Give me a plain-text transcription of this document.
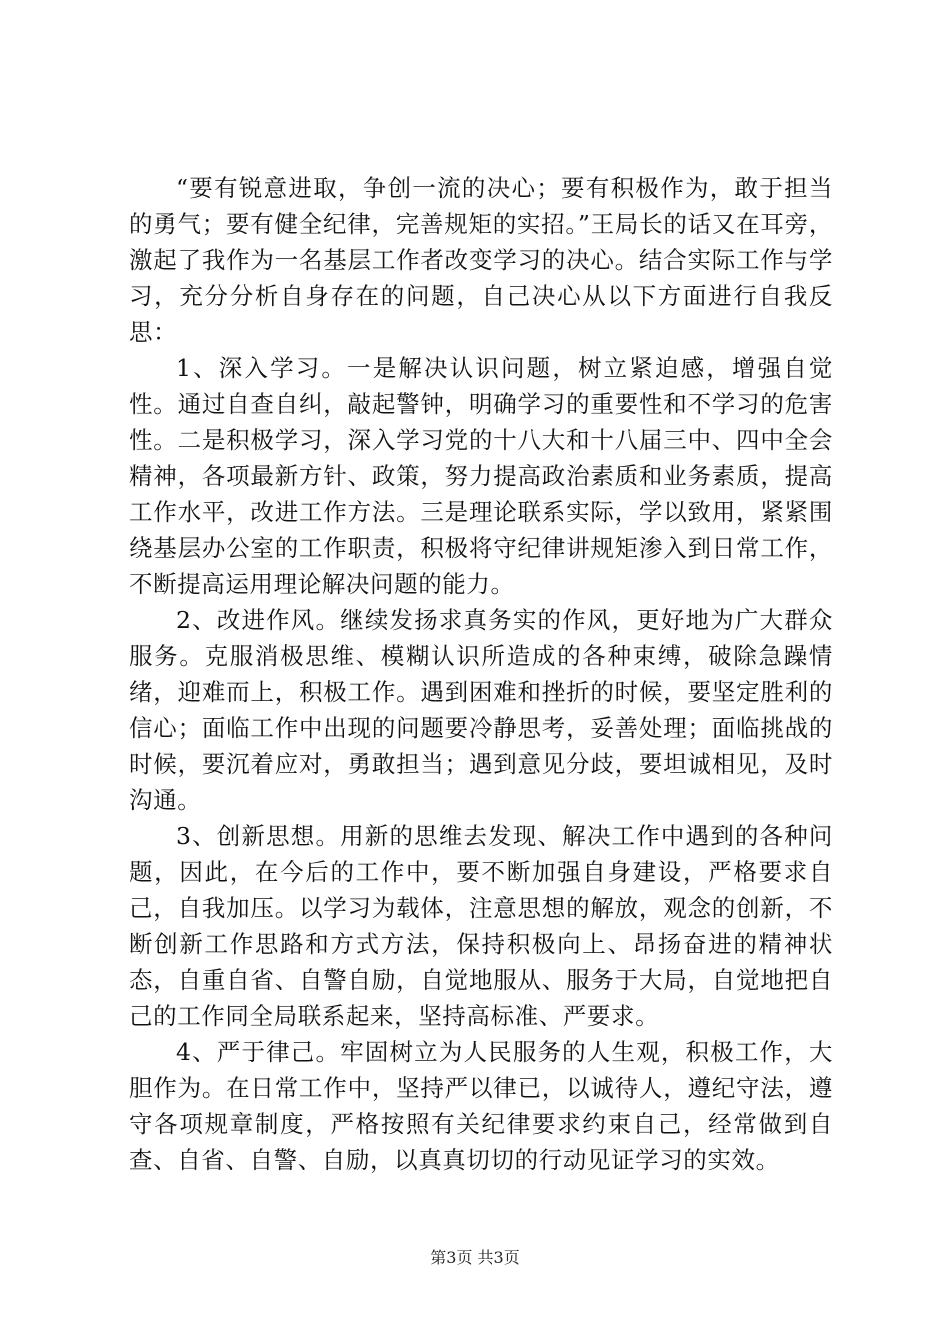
“要有锐意进取，争创一流的决心；要有积极作为，敢于担当的勇气；要有健全纪律，完善规矩的实招。”王局长的话又在耳旁，激起了我作为一名基层工作者改变学习的决心。结合实际工作与学习，充分分析自身存在的问题，自己决心从以下方面进行自我反思：

1、深入学习。一是解决认识问题，树立紧迫感，增强自觉性。通过自查自纠，敲起警钟，明确学习的重要性和不学习的危害性。二是积极学习，深入学习党的十八大和十八届三中、四中全会精神，各项最新方针、政策，努力提高政治素质和业务素质，提高工作水平，改进工作方法。三是理论联系实际，学以致用，紧紧围绕基层办公室的工作职责，积极将守纪律讲规矩渗入到日常工作，不断提高运用理论解决问题的能力。

2、改进作风。继续发扬求真务实的作风，更好地为广大群众服务。克服消极思维、模糊认识所造成的各种束缚，破除急躁情绪，迎难而上，积极工作。遇到困难和挫折的时候，要坚定胜利的信心；面临工作中出现的问题要冷静思考，妥善处理；面临挑战的时候，要沉着应对，勇敢担当；遇到意见分歧，要坦诚相见，及时沟通。

3、创新思想。用新的思维去发现、解决工作中遇到的各种问题，因此，在今后的工作中，要不断加强自身建设，严格要求自己，自我加压。以学习为载体，注意思想的解放，观念的创新，不断创新工作思路和方式方法，保持积极向上、昂扬奋进的精神状态，自重自省、自警自励，自觉地服从、服务于大局，自觉地把自己的工作同全局联系起来，坚持高标准、严要求。

4、严于律己。牢固树立为人民服务的人生观，积极工作，大胆作为。在日常工作中，坚持严以律已，以诚待人，遵纪守法，遵守各项规章制度，严格按照有关纪律要求约束自己，经常做到自查、自省、自警、自励，以真真切切的行动见证学习的实效。

第3页 共3页
